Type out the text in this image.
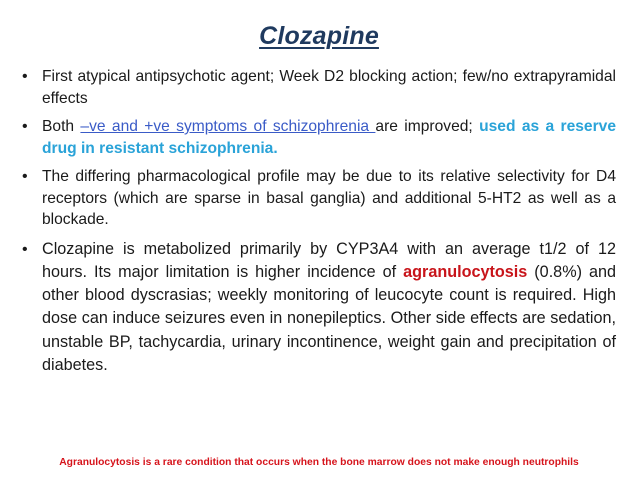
Clozapine
• First atypical antipsychotic agent; Week D2 blocking action; few/no extrapyramidal effects
• Both –ve and +ve symptoms of schizophrenia are improved; used as a reserve drug in resistant schizophrenia.
• The differing pharmacological profile may be due to its relative selectivity for D4 receptors (which are sparse in basal ganglia) and additional 5-HT2 as well as a blockade.
• Clozapine is metabolized primarily by CYP3A4 with an average t1/2 of 12 hours. Its major limitation is higher incidence of agranulocytosis (0.8%) and other blood dyscrasias; weekly monitoring of leucocyte count is required. High dose can induce seizures even in nonepileptics. Other side effects are sedation, unstable BP, tachycardia, urinary incontinence, weight gain and precipitation of diabetes.
Agranulocytosis is a rare condition that occurs when the bone marrow does not make enough neutrophils
